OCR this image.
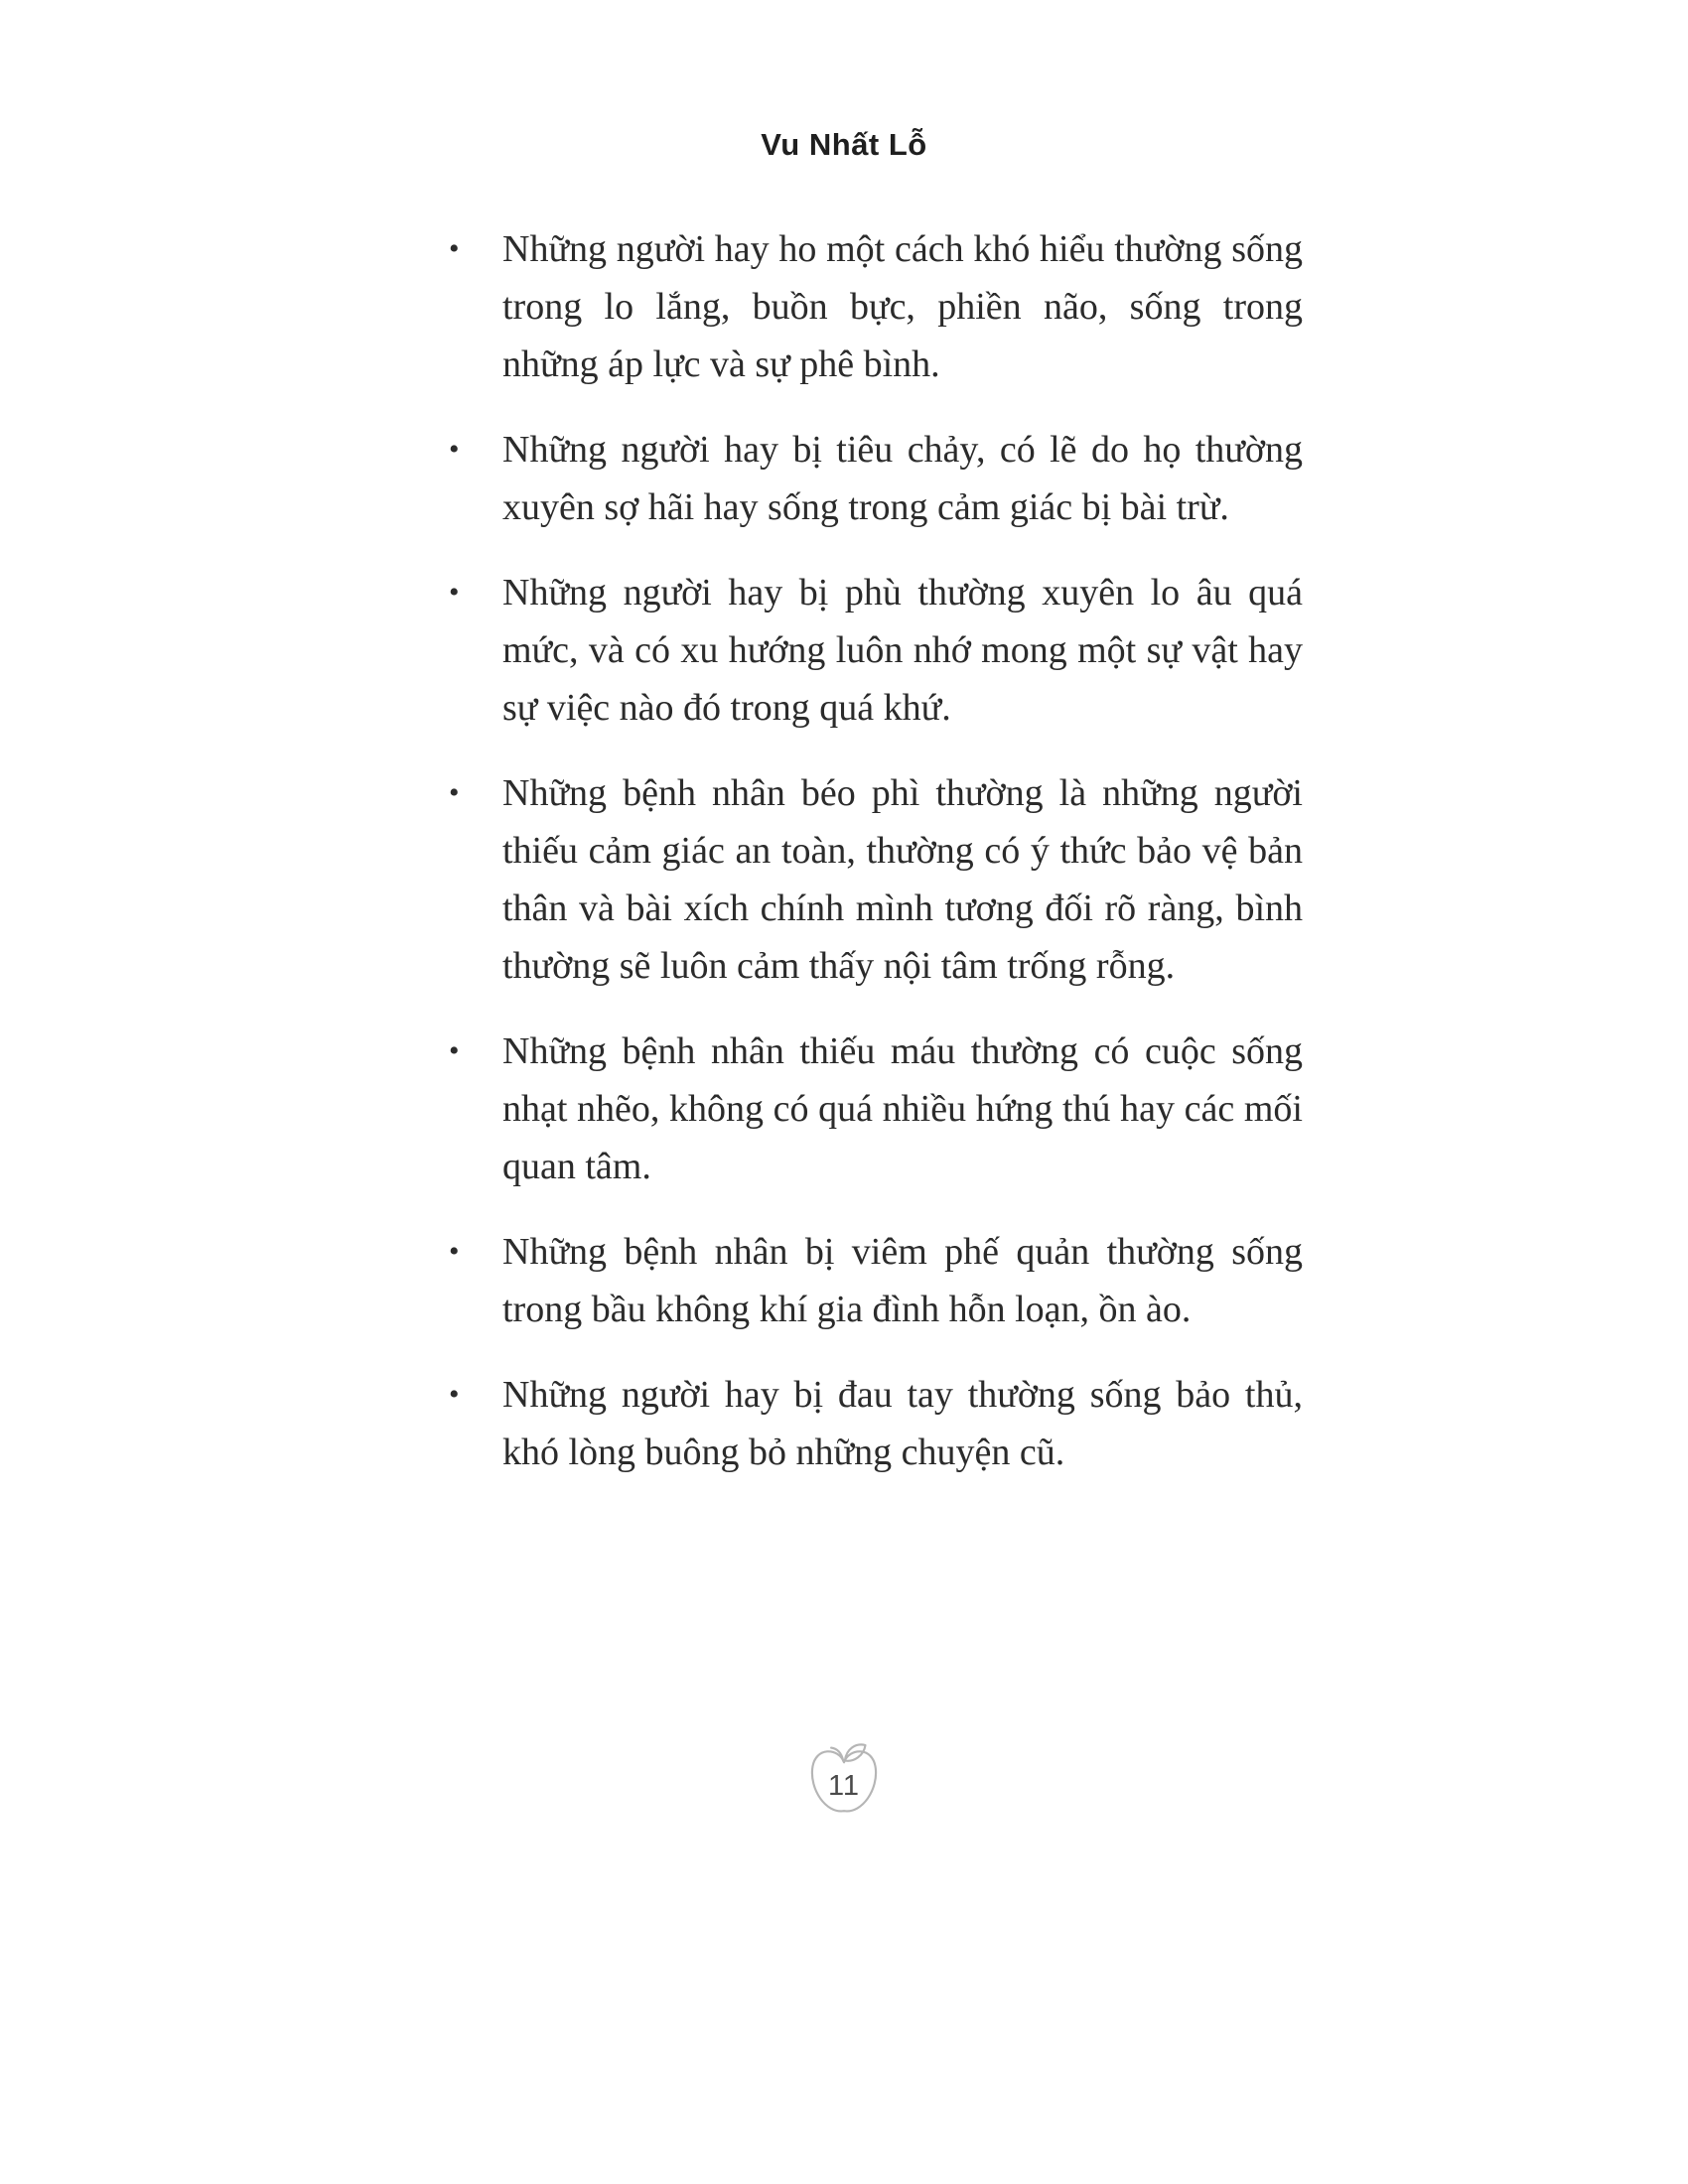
Vu Nhất Lỗ
•	Những người hay ho một cách khó hiểu thường sống trong lo lắng, buồn bực, phiền não, sống trong những áp lực và sự phê bình.

•	Những người hay bị tiêu chảy, có lẽ do họ thường xuyên sợ hãi hay sống trong cảm giác bị bài trừ.

•	Những người hay bị phù thường xuyên lo âu quá mức, và có xu hướng luôn nhớ mong một sự vật hay sự việc nào đó trong quá khứ.

•	Những bệnh nhân béo phì thường là những người thiếu cảm giác an toàn, thường có ý thức bảo vệ bản thân và bài xích chính mình tương đối rõ ràng, bình thường sẽ luôn cảm thấy nội tâm trống rỗng.

•	Những bệnh nhân thiếu máu thường có cuộc sống nhạt nhẽo, không có quá nhiều hứng thú hay các mối quan tâm.

•	Những bệnh nhân bị viêm phế quản thường sống trong bầu không khí gia đình hỗn loạn, ồn ào.

•	Những người hay bị đau tay thường sống bảo thủ, khó lòng buông bỏ những chuyện cũ.

11
